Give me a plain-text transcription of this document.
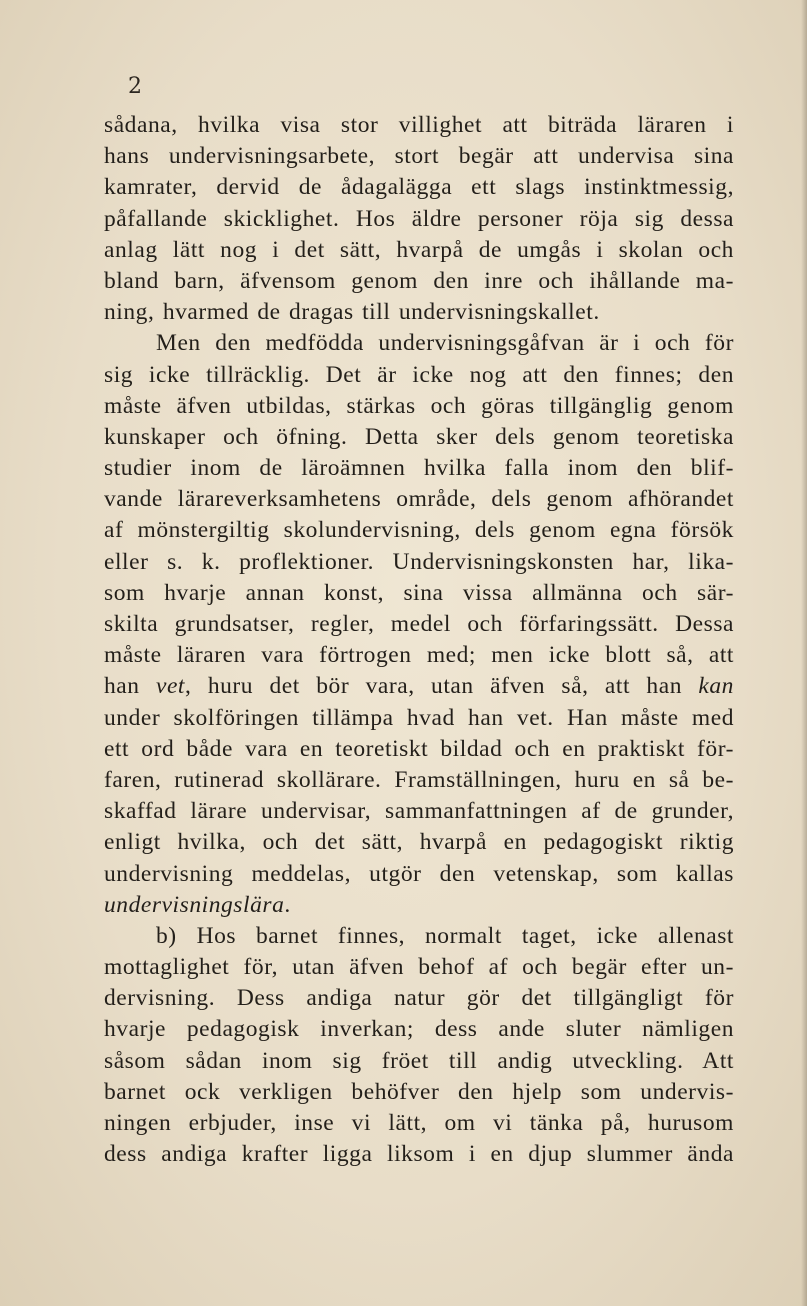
2
sådana, hvilka visa stor villighet att biträda läraren i
hans undervisningsarbete, stort begär att undervisa sina
kamrater, dervid de ådagalägga ett slags instinktmessig,
påfallande skicklighet. Hos äldre personer röja sig dessa
anlag lätt nog i det sätt, hvarpå de umgås i skolan och
bland barn, äfvensom genom den inre och ihållande ma-
ning, hvarmed de dragas till undervisningskallet.
Men den medfödda undervisningsgåfvan är i och för
sig icke tillräcklig. Det är icke nog att den finnes; den
måste äfven utbildas, stärkas och göras tillgänglig genom
kunskaper och öfning. Detta sker dels genom teoretiska
studier inom de läroämnen hvilka falla inom den blif-
vande lärareverksamhetens område, dels genom afhörandet
af mönstergiltig skolundervisning, dels genom egna försök
eller s. k. proflektioner. Undervisningskonsten har, lika-
som hvarje annan konst, sina vissa allmänna och sär-
skilta grundsatser, regler, medel och förfaringssätt. Dessa
måste läraren vara förtrogen med; men icke blott så, att
han vet, huru det bör vara, utan äfven så, att han kan
under skolföringen tillämpa hvad han vet. Han måste med
ett ord både vara en teoretiskt bildad och en praktiskt för-
faren, rutinerad skollärare. Framställningen, huru en så be-
skaffad lärare undervisar, sammanfattningen af de grunder,
enligt hvilka, och det sätt, hvarpå en pedagogiskt riktig
undervisning meddelas, utgör den vetenskap, som kallas
undervisningslära.
b) Hos barnet finnes, normalt taget, icke allenast
mottaglighet för, utan äfven behof af och begär efter un-
dervisning. Dess andiga natur gör det tillgängligt för
hvarje pedagogisk inverkan; dess ande sluter nämligen
såsom sådan inom sig fröet till andig utveckling. Att
barnet ock verkligen behöfver den hjelp som undervis-
ningen erbjuder, inse vi lätt, om vi tänka på, hurusom
dess andiga krafter ligga liksom i en djup slummer ända
